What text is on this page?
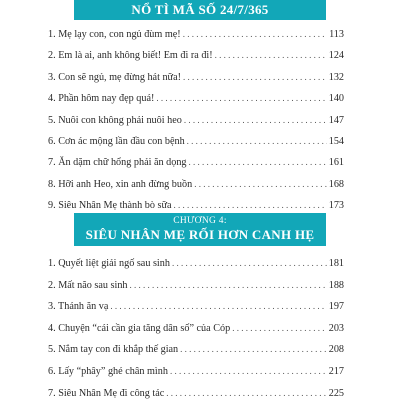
NỔ TÌ MÃ SỐ 24/7/365
1. Mẹ lạy con, con ngủ đùm mẹ! . . .	113
2. Em là ai, anh không biết! Em đi ra đi! . . .	124
3. Con sẽ ngủ, mẹ đừng hát nữa! . . .	132
4. Phần hôm nay đẹp quá! . . .	140
5. Nuôi con không phải nuôi heo . . .	147
6. Cơn ác mộng lần đầu con bệnh . . .	154
7. Ăn dặm chữ hổng phải ăn dọng . . .	161
8. Hỡi anh Heo, xin anh đừng buồn . . .	168
9. Siêu Nhân Mẹ thành bò sữa . . .	173
CHƯƠNG 4:
SIÊU NHÂN MẸ RỐI HƠN CANH HẸ
1. Quyết liệt giải ngố sau sinh . . .	181
2. Mất não sau sinh . . .	188
3. Thánh ăn vạ . . .	197
4. Chuyện “cái cần gia tăng dân số” của Cóp . . .	203
5. Nắm tay con đi khắp thế gian . . .	208
6. Lấy “phây” ghé chân mình . . .	217
7. Siêu Nhân Mẹ đi công tác . . .	225
